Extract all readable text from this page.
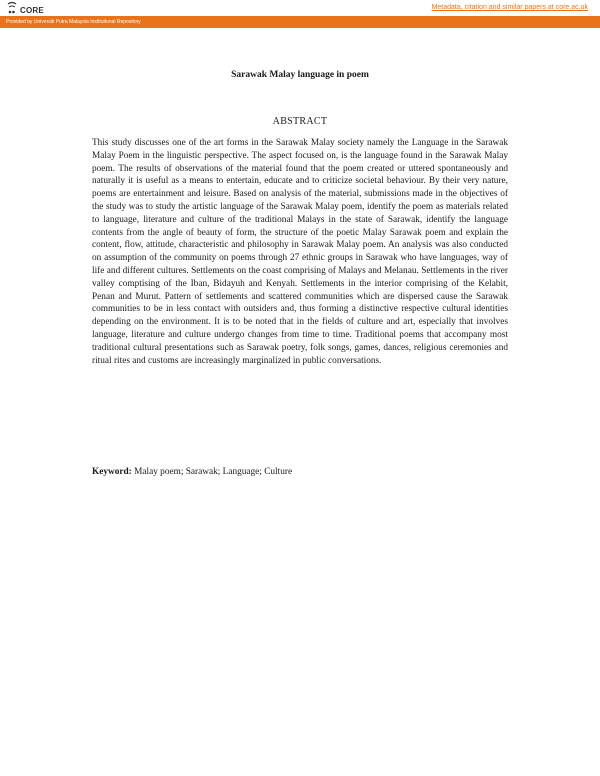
CORE	Metadata, citation and similar papers at core.ac.uk
Provided by Universiti Putra Malaysia Institutional Repository
Sarawak Malay language in poem
ABSTRACT

This study discusses one of the art forms in the Sarawak Malay society namely the Language in the Sarawak Malay Poem in the linguistic perspective. The aspect focused on, is the language found in the Sarawak Malay poem. The results of observations of the material found that the poem created or uttered spontaneously and naturally it is useful as a means to entertain, educate and to criticize societal behaviour. By their very nature, poems are entertainment and leisure. Based on analysis of the material, submissions made in the objectives of the study was to study the artistic language of the Sarawak Malay poem, identify the poem as materials related to language, literature and culture of the traditional Malays in the state of Sarawak, identify the language contents from the angle of beauty of form, the structure of the poetic Malay Sarawak poem and explain the content, flow, attitude, characteristic and philosophy in Sarawak Malay poem. An analysis was also conducted on assumption of the community on poems through 27 ethnic groups in Sarawak who have languages, way of life and different cultures. Settlements on the coast comprising of Malays and Melanau. Settlements in the river valley comptising of the Iban, Bidayuh and Kenyah. Settlements in the interior comprising of the Kelabit, Penan and Murut. Pattern of settlements and scattered communities which are dispersed cause the Sarawak communities to be in less contact with outsiders and, thus forming a distinctive respective cultural identities depending on the environment. It is to be noted that in the fields of culture and art, especially that involves language, literature and culture undergo changes from time to time. Traditional poems that accompany most traditional cultural presentations such as Sarawak poetry, folk songs, games, dances, religious ceremonies and ritual rites and customs are increasingly marginalized in public conversations.

Keyword: Malay poem; Sarawak; Language; Culture
